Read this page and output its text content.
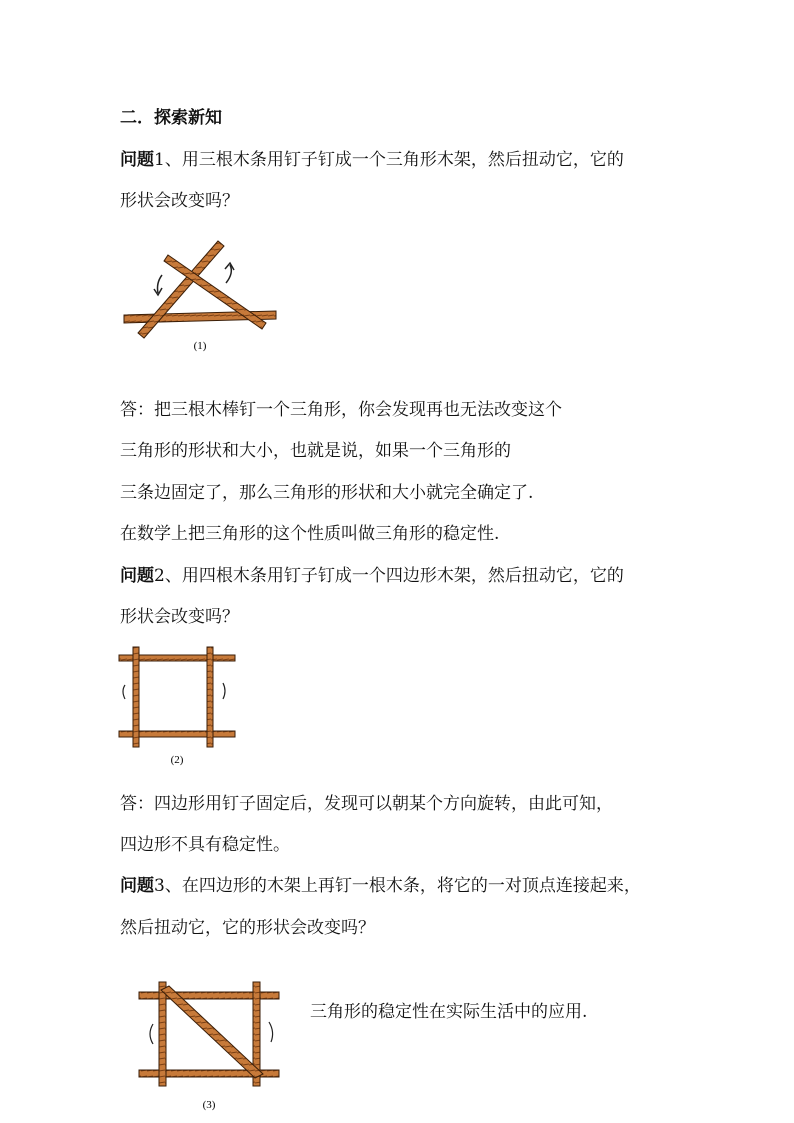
二．探索新知
问题1、用三根木条用钉子钉成一个三角形木架，然后扭动它，它的
形状会改变吗？
(1)
答：把三根木棒钉一个三角形，你会发现再也无法改变这个
三角形的形状和大小，也就是说，如果一个三角形的
三条边固定了，那么三角形的形状和大小就完全确定了.
在数学上把三角形的这个性质叫做三角形的稳定性.
问题2、用四根木条用钉子钉成一个四边形木架，然后扭动它，它的
形状会改变吗？
(2)
答：四边形用钉子固定后，发现可以朝某个方向旋转，由此可知，
四边形不具有稳定性。
问题3、在四边形的木架上再钉一根木条，将它的一对顶点连接起来，
然后扭动它，它的形状会改变吗？
(3)
三角形的稳定性在实际生活中的应用.
